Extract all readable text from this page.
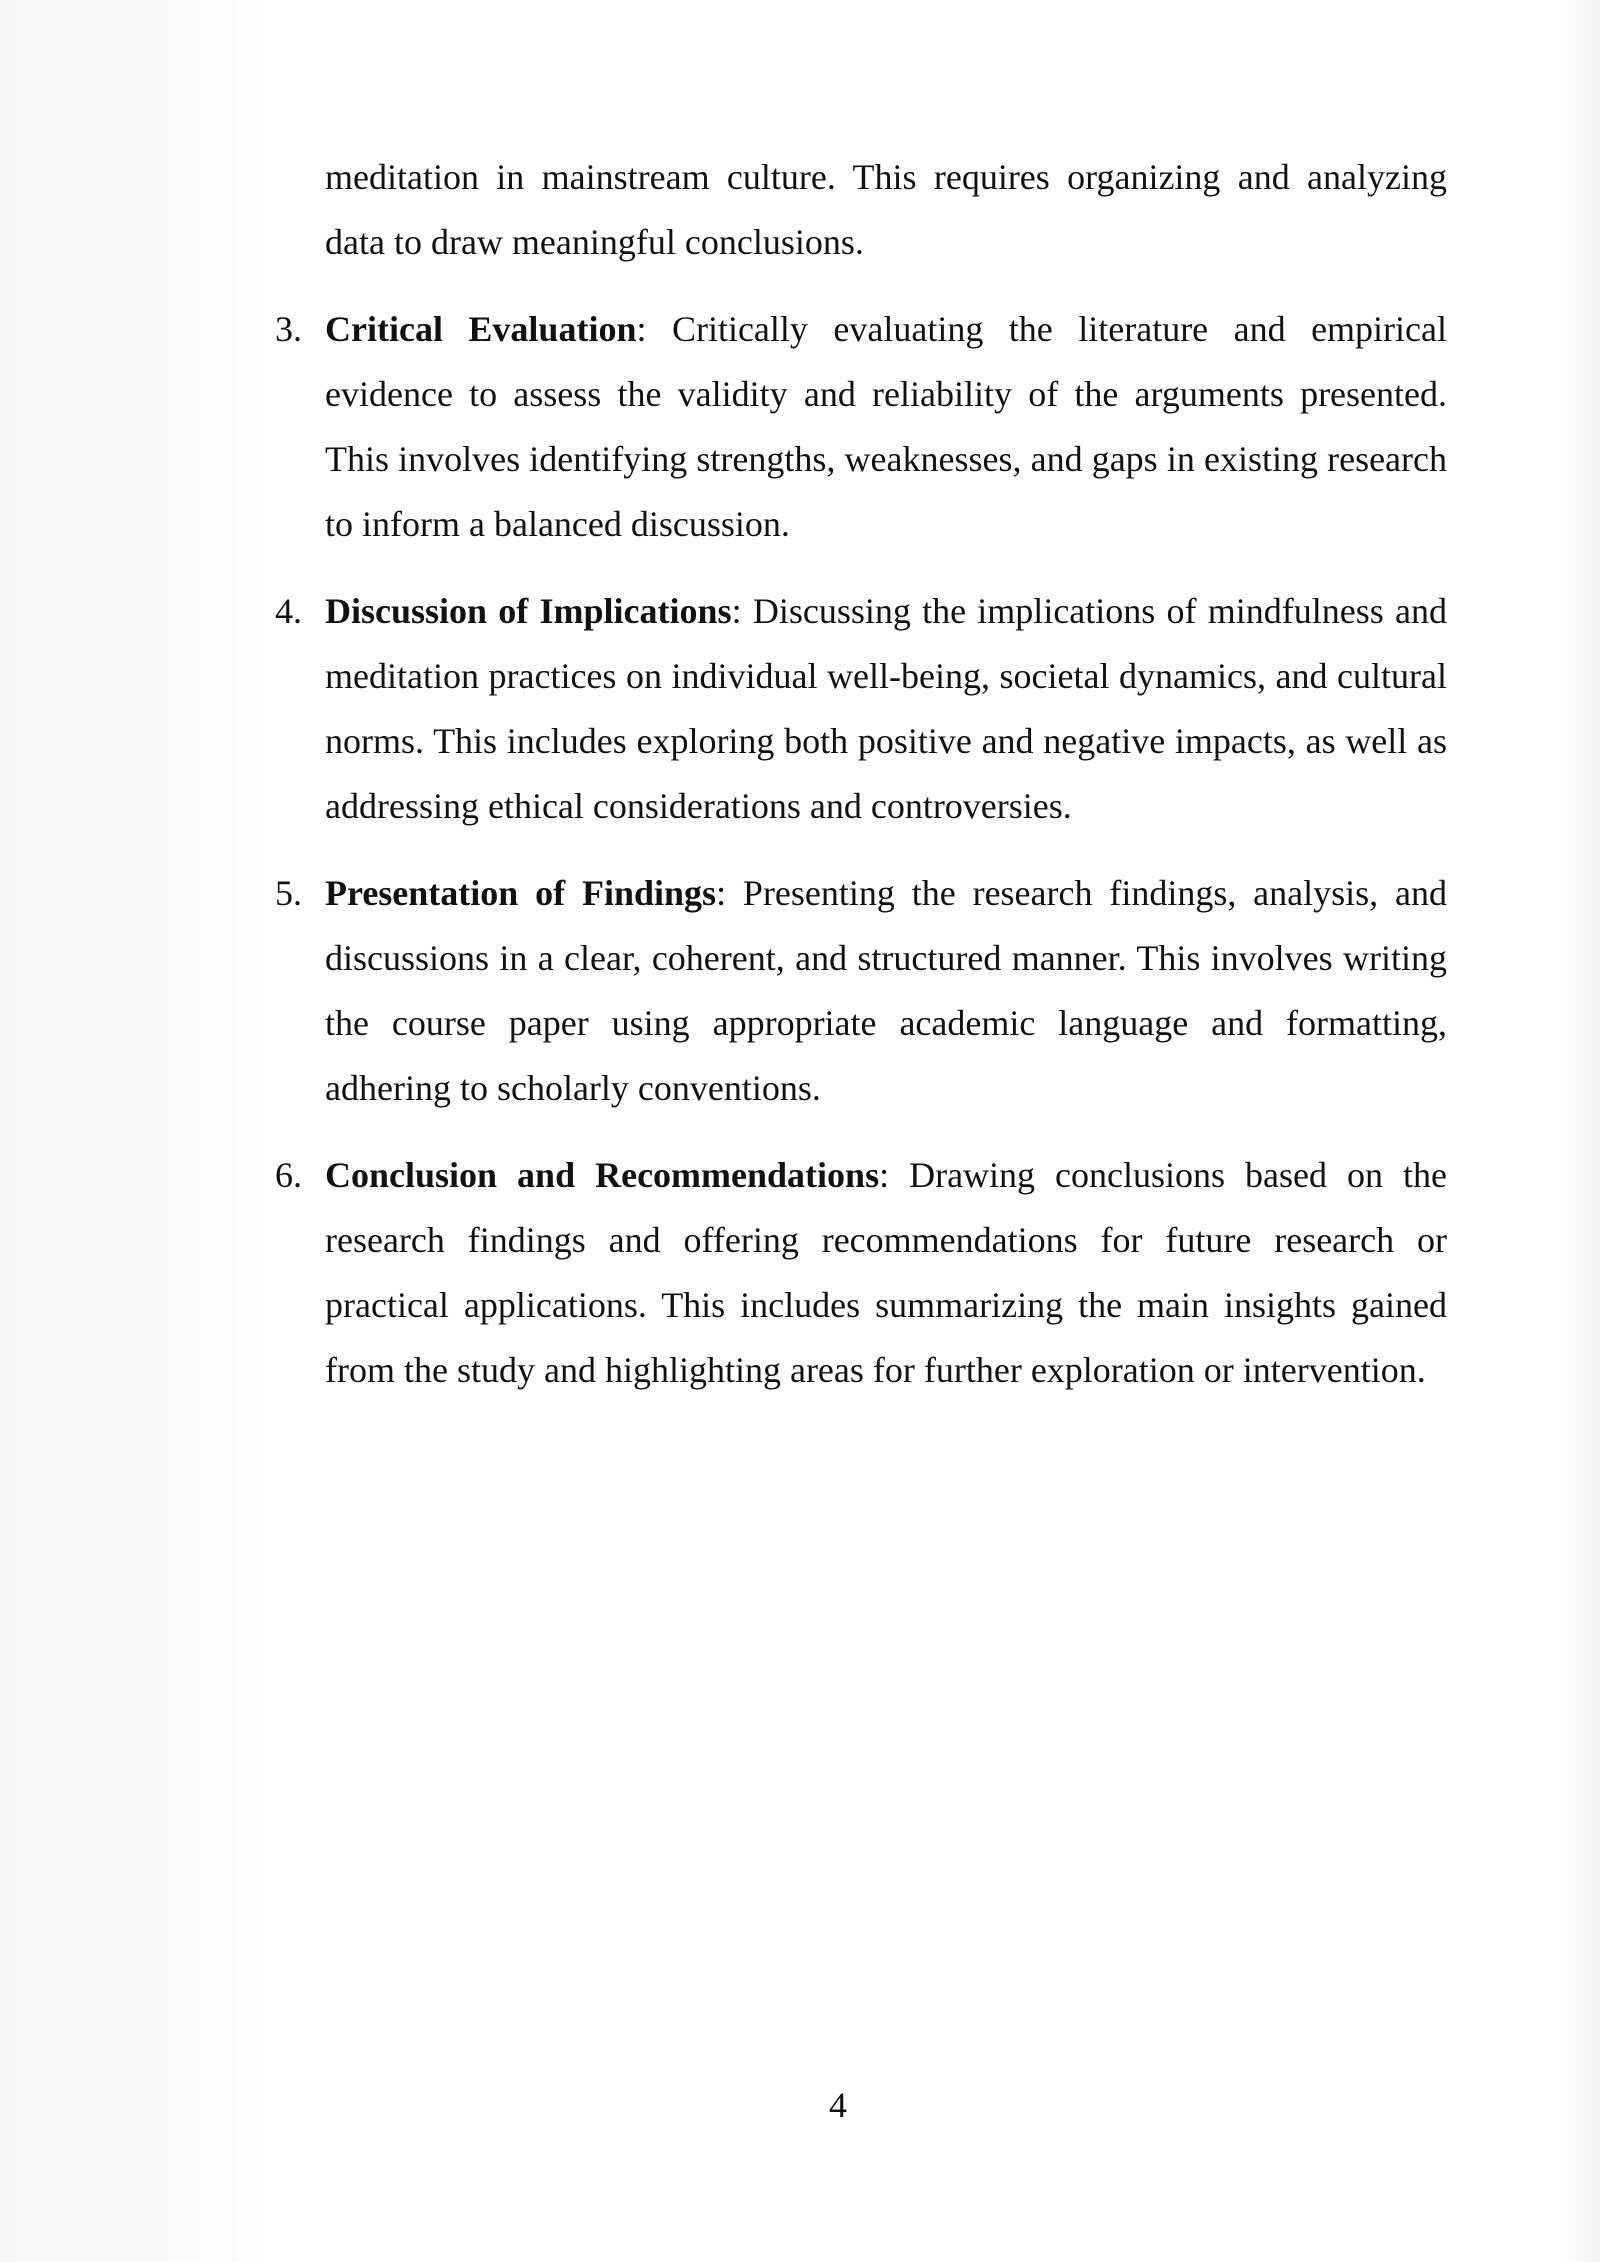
meditation in mainstream culture. This requires organizing and analyzing data to draw meaningful conclusions.

3. Critical Evaluation: Critically evaluating the literature and empirical evidence to assess the validity and reliability of the arguments presented. This involves identifying strengths, weaknesses, and gaps in existing research to inform a balanced discussion.
4. Discussion of Implications: Discussing the implications of mindfulness and meditation practices on individual well-being, societal dynamics, and cultural norms. This includes exploring both positive and negative impacts, as well as addressing ethical considerations and controversies.
5. Presentation of Findings: Presenting the research findings, analysis, and discussions in a clear, coherent, and structured manner. This involves writing the course paper using appropriate academic language and formatting, adhering to scholarly conventions.
6. Conclusion and Recommendations: Drawing conclusions based on the research findings and offering recommendations for future research or practical applications. This includes summarizing the main insights gained from the study and highlighting areas for further exploration or intervention.
4
